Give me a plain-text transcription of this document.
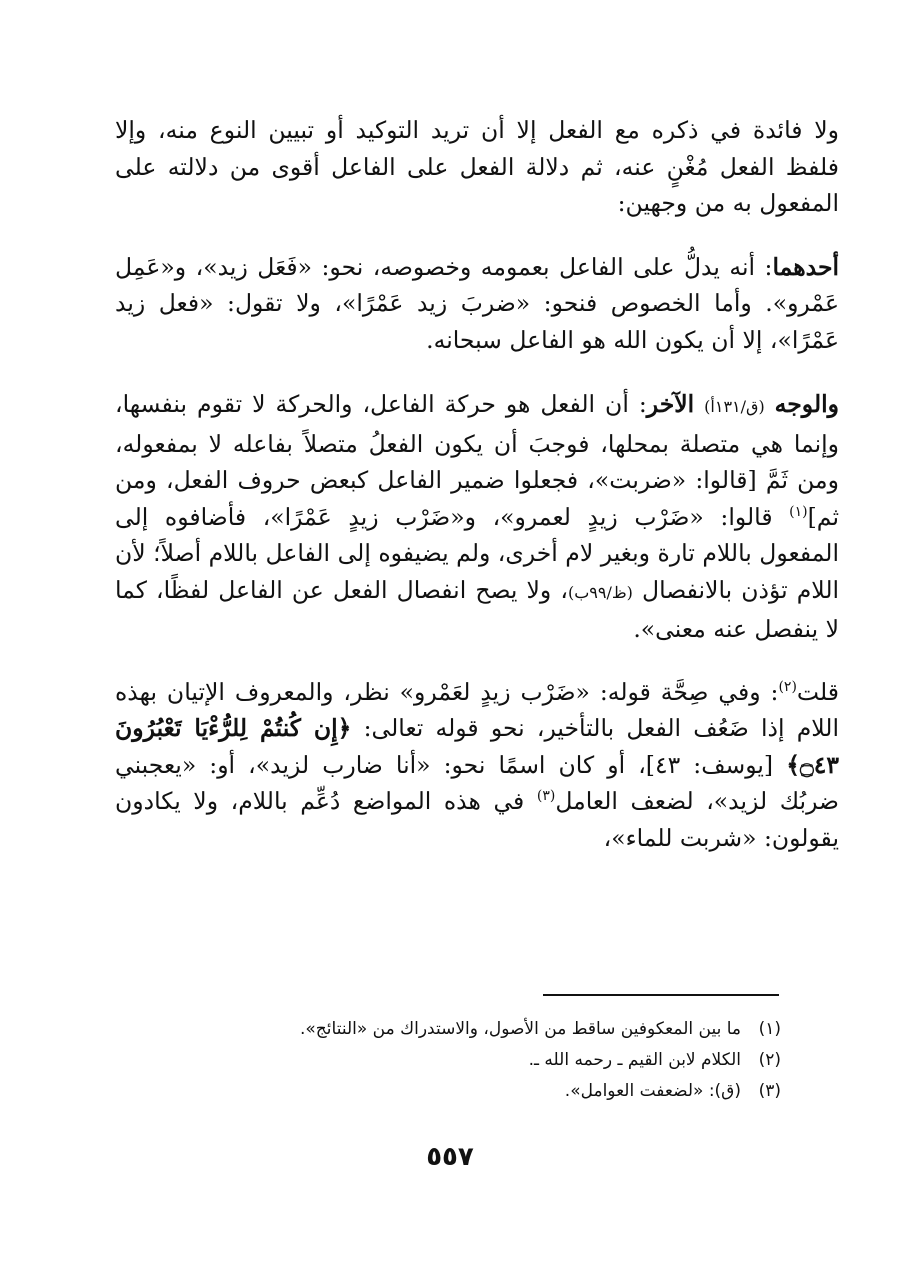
ولا فائدة في ذكره مع الفعل إلا أن تريد التوكيد أو تبيين النوع منه، وإلا فلفظ الفعل مُغْنٍ عنه، ثم دلالة الفعل على الفاعل أقوى من دلالته على المفعول به من وجهين:

أحدهما: أنه يدلُّ على الفاعل بعمومه وخصوصه، نحو: «فَعَل زيد»، و«عَمِل عَمْرو». وأما الخصوص فنحو: «ضربَ زيد عَمْرًا»، ولا تقول: «فعل زيد عَمْرًا»، إلا أن يكون الله هو الفاعل سبحانه.

والوجه (ق/١٣١أ) الآخر: أن الفعل هو حركة الفاعل، والحركة لا تقوم بنفسها، وإنما هي متصلة بمحلها، فوجبَ أن يكون الفعلُ متصلاً بفاعله لا بمفعوله، ومن ثَمَّ [قالوا: «ضربت»، فجعلوا ضمير الفاعل كبعض حروف الفعل، ومن ثم]$^{(١)}$ قالوا: «ضَرْب زيدٍ لعمرو»، و«ضَرْب زيدٍ عَمْرًا»، فأضافوه إلى المفعول باللام تارة وبغير لام أخرى، ولم يضيفوه إلى الفاعل باللام أصلاً؛ لأن اللام تؤذن بالانفصال (ظ/٩٩ب)، ولا يصح انفصال الفعل عن الفاعل لفظًا، كما لا ينفصل عنه معنى».

قلت$^{(٢)}$: وفي صِحَّة قوله: «ضَرْب زيدٍ لعَمْرو» نظر، والمعروف الإتيان بهذه اللام إذا ضَعُف الفعل بالتأخير، نحو قوله تعالى: ﴿إِن كُنتُمْ لِلرُّءْيَا تَعْبُرُونَ ۝٤٣﴾ [يوسف: ٤٣]، أو كان اسمًا نحو: «أنا ضارب لزيد»، أو: «يعجبني ضربُك لزيد»، لضعف العامل$^{(٣)}$ في هذه المواضع دُعِّم باللام، ولا يكادون يقولون: «شربت للماء»،

(١)ما بين المعكوفين ساقط من الأصول، والاستدراك من «النتائج».
(٢)الكلام لابن القيم ـ رحمه الله ـ.
(٣)(ق): «لضعفت العوامل».
٥٥٧
